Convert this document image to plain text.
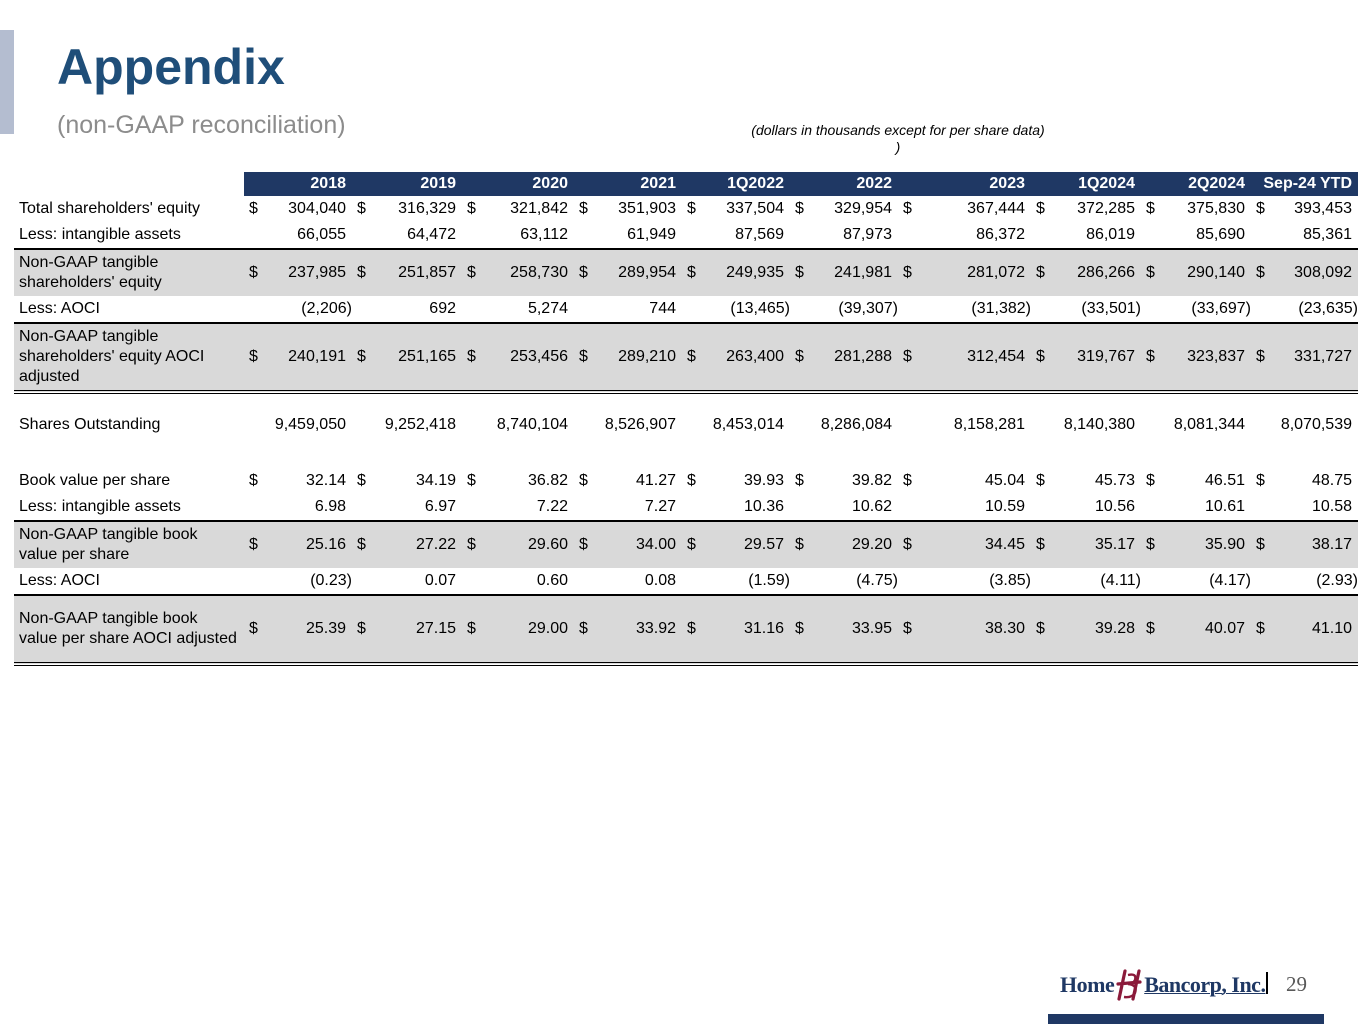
Appendix
(non-GAAP reconciliation)	(dollars in thousands except for per share data)
)
	2018		2019		2020		2021		1Q2022		2022		2023		1Q2024		2Q2024		Sep-24 YTD	
Total shareholders' equity	$	304,040	$	316,329	$	321,842	$	351,903	$	337,504	$	329,954	$	367,444	$	372,285	$	375,830	$	393,453
Less: intangible assets		66,055		64,472		63,112		61,949		87,569		87,973		86,372		86,019		85,690		85,361
Non-GAAP tangible shareholders' equity	$	237,985	$	251,857	$	258,730	$	289,954	$	249,935	$	241,981	$	281,072	$	286,266	$	290,140	$	308,092
Less: AOCI		(2,206)		692		5,274		744		(13,465)		(39,307)		(31,382)		(33,501)		(33,697)		(23,635)
Non-GAAP tangible shareholders' equity AOCI adjusted	$	240,191	$	251,165	$	253,456	$	289,210	$	263,400	$	281,288	$	312,454	$	319,767	$	323,837	$	331,727

Shares Outstanding		9,459,050		9,252,418		8,740,104		8,526,907		8,453,014		8,286,084		8,158,281		8,140,380		8,081,344		8,070,539

Book value per share	$	32.14	$	34.19	$	36.82	$	41.27	$	39.93	$	39.82	$	45.04	$	45.73	$	46.51	$	48.75
Less: intangible assets		6.98		6.97		7.22		7.27		10.36		10.62		10.59		10.56		10.61		10.58
Non-GAAP tangible book value per share	$	25.16	$	27.22	$	29.60	$	34.00	$	29.57	$	29.20	$	34.45	$	35.17	$	35.90	$	38.17
Less: AOCI		(0.23)		0.07		0.60		0.08		(1.59)		(4.75)		(3.85)		(4.11)		(4.17)		(2.93)
Non-GAAP tangible book value per share AOCI adjusted	$	25.39	$	27.15	$	29.00	$	33.92	$	31.16	$	33.95	$	38.30	$	39.28	$	40.07	$	41.10
Home Bancorp, Inc. 29
